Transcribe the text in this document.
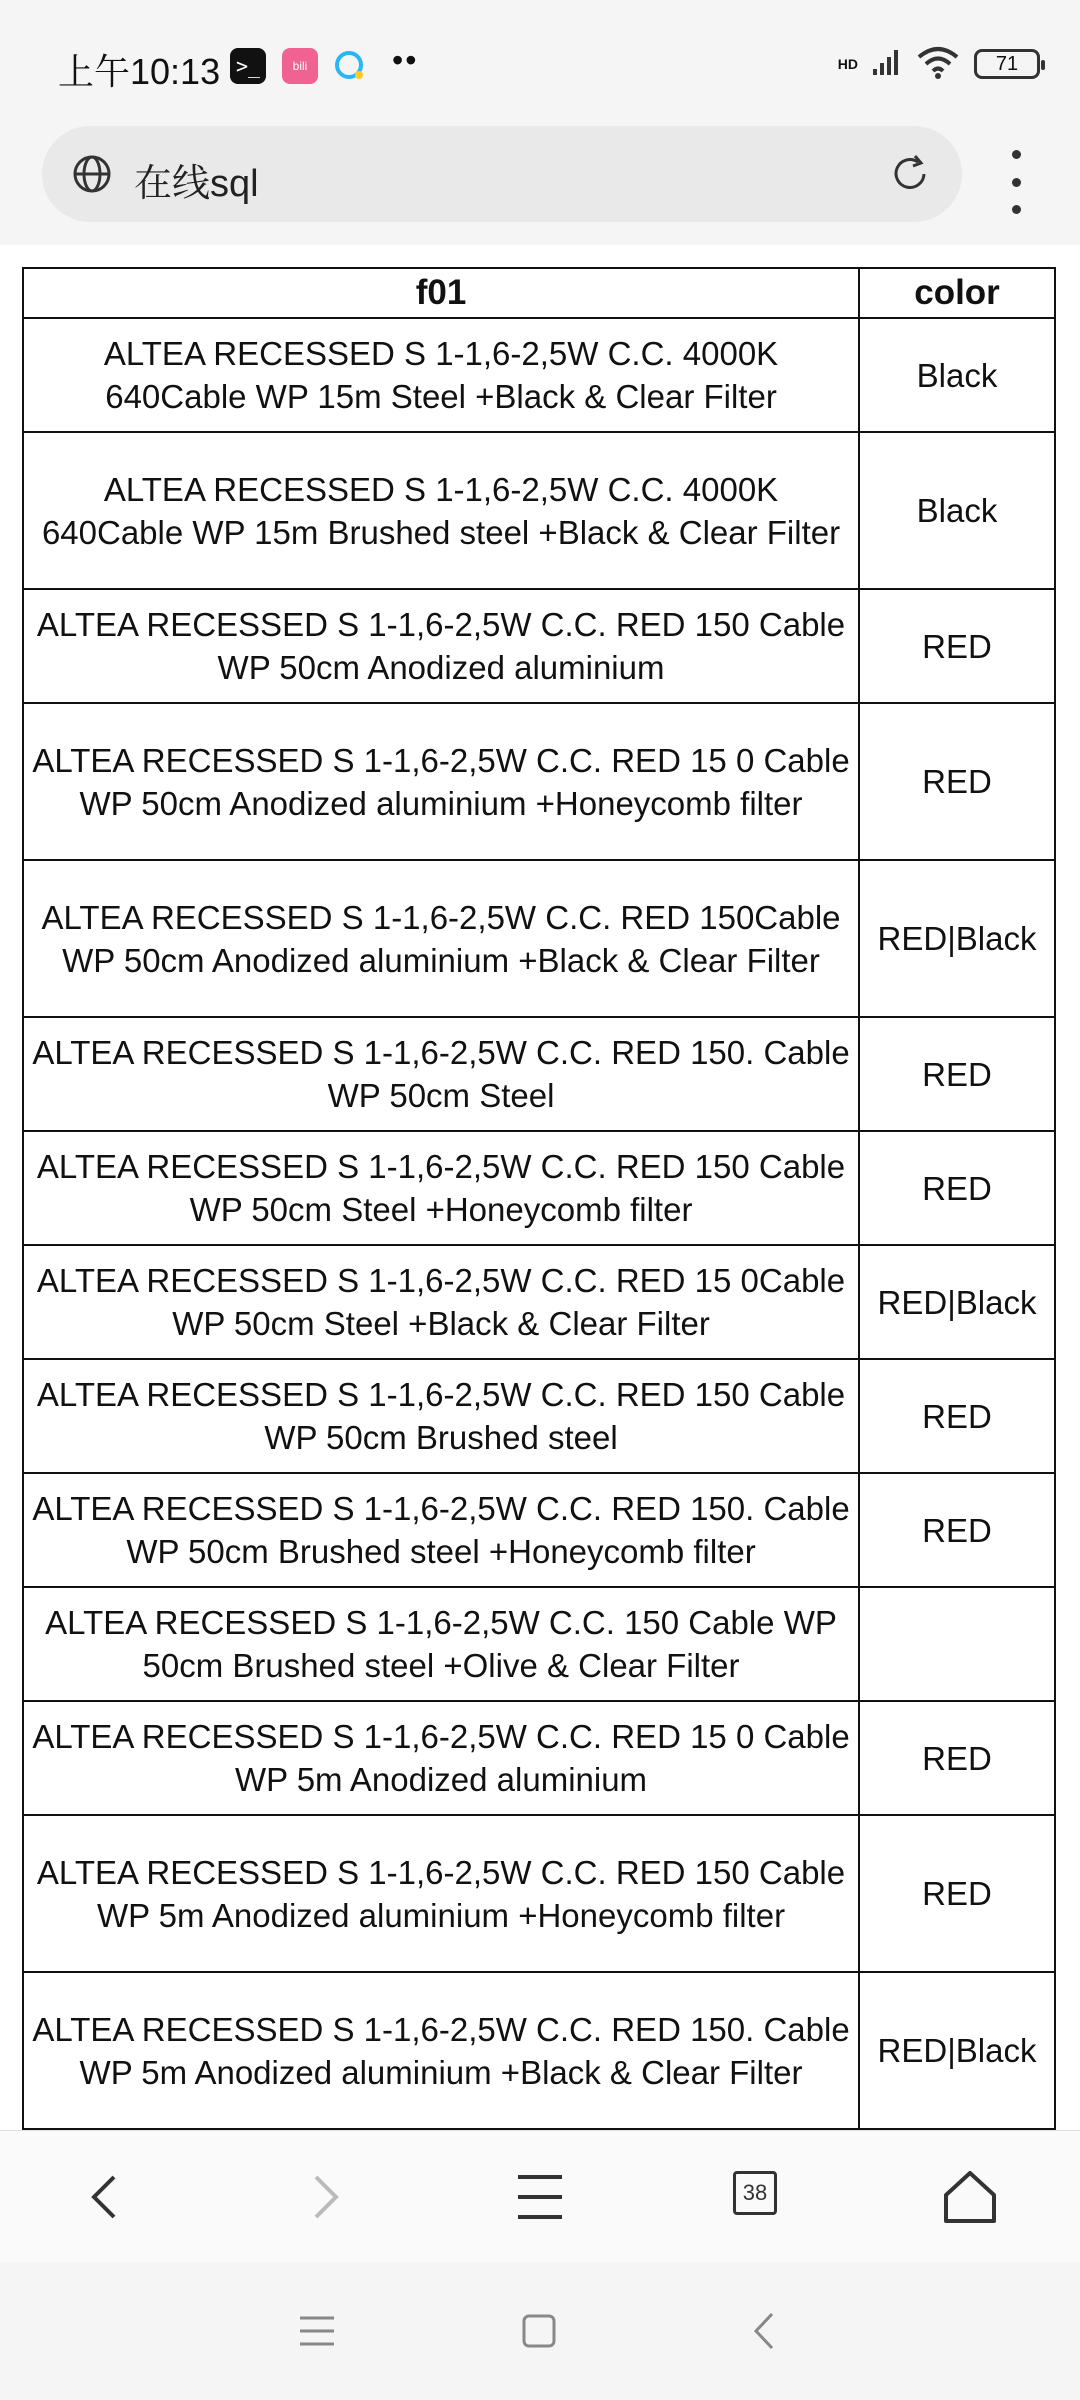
上午10:13 >_	bili	••	HD	71
在线sql
f01	color
ALTEA RECESSED S 1-1,6-2,5W C.C. 4000K 640Cable WP 15m Steel +Black & Clear Filter	Black
ALTEA RECESSED S 1-1,6-2,5W C.C. 4000K 640Cable WP 15m Brushed steel +Black & Clear Filter	Black
ALTEA RECESSED S 1-1,6-2,5W C.C. RED 150 Cable WP 50cm Anodized aluminium	RED
ALTEA RECESSED S 1-1,6-2,5W C.C. RED 15 0 Cable WP 50cm Anodized aluminium +Honeycomb filter	RED
ALTEA RECESSED S 1-1,6-2,5W C.C. RED 150Cable WP 50cm Anodized aluminium +Black & Clear Filter	RED|Black
ALTEA RECESSED S 1-1,6-2,5W C.C. RED 150. Cable WP 50cm Steel	RED
ALTEA RECESSED S 1-1,6-2,5W C.C. RED 150 Cable WP 50cm Steel +Honeycomb filter	RED
ALTEA RECESSED S 1-1,6-2,5W C.C. RED 15 0Cable WP 50cm Steel +Black & Clear Filter	RED|Black
ALTEA RECESSED S 1-1,6-2,5W C.C. RED 150 Cable WP 50cm Brushed steel	RED
ALTEA RECESSED S 1-1,6-2,5W C.C. RED 150. Cable WP 50cm Brushed steel +Honeycomb filter	RED
ALTEA RECESSED S 1-1,6-2,5W C.C. 150 Cable WP 50cm Brushed steel +Olive & Clear Filter	
ALTEA RECESSED S 1-1,6-2,5W C.C. RED 15 0 Cable WP 5m Anodized aluminium	RED
ALTEA RECESSED S 1-1,6-2,5W C.C. RED 150 Cable WP 5m Anodized aluminium +Honeycomb filter	RED
ALTEA RECESSED S 1-1,6-2,5W C.C. RED 150. Cable WP 5m Anodized aluminium +Black & Clear Filter	RED|Black

38
